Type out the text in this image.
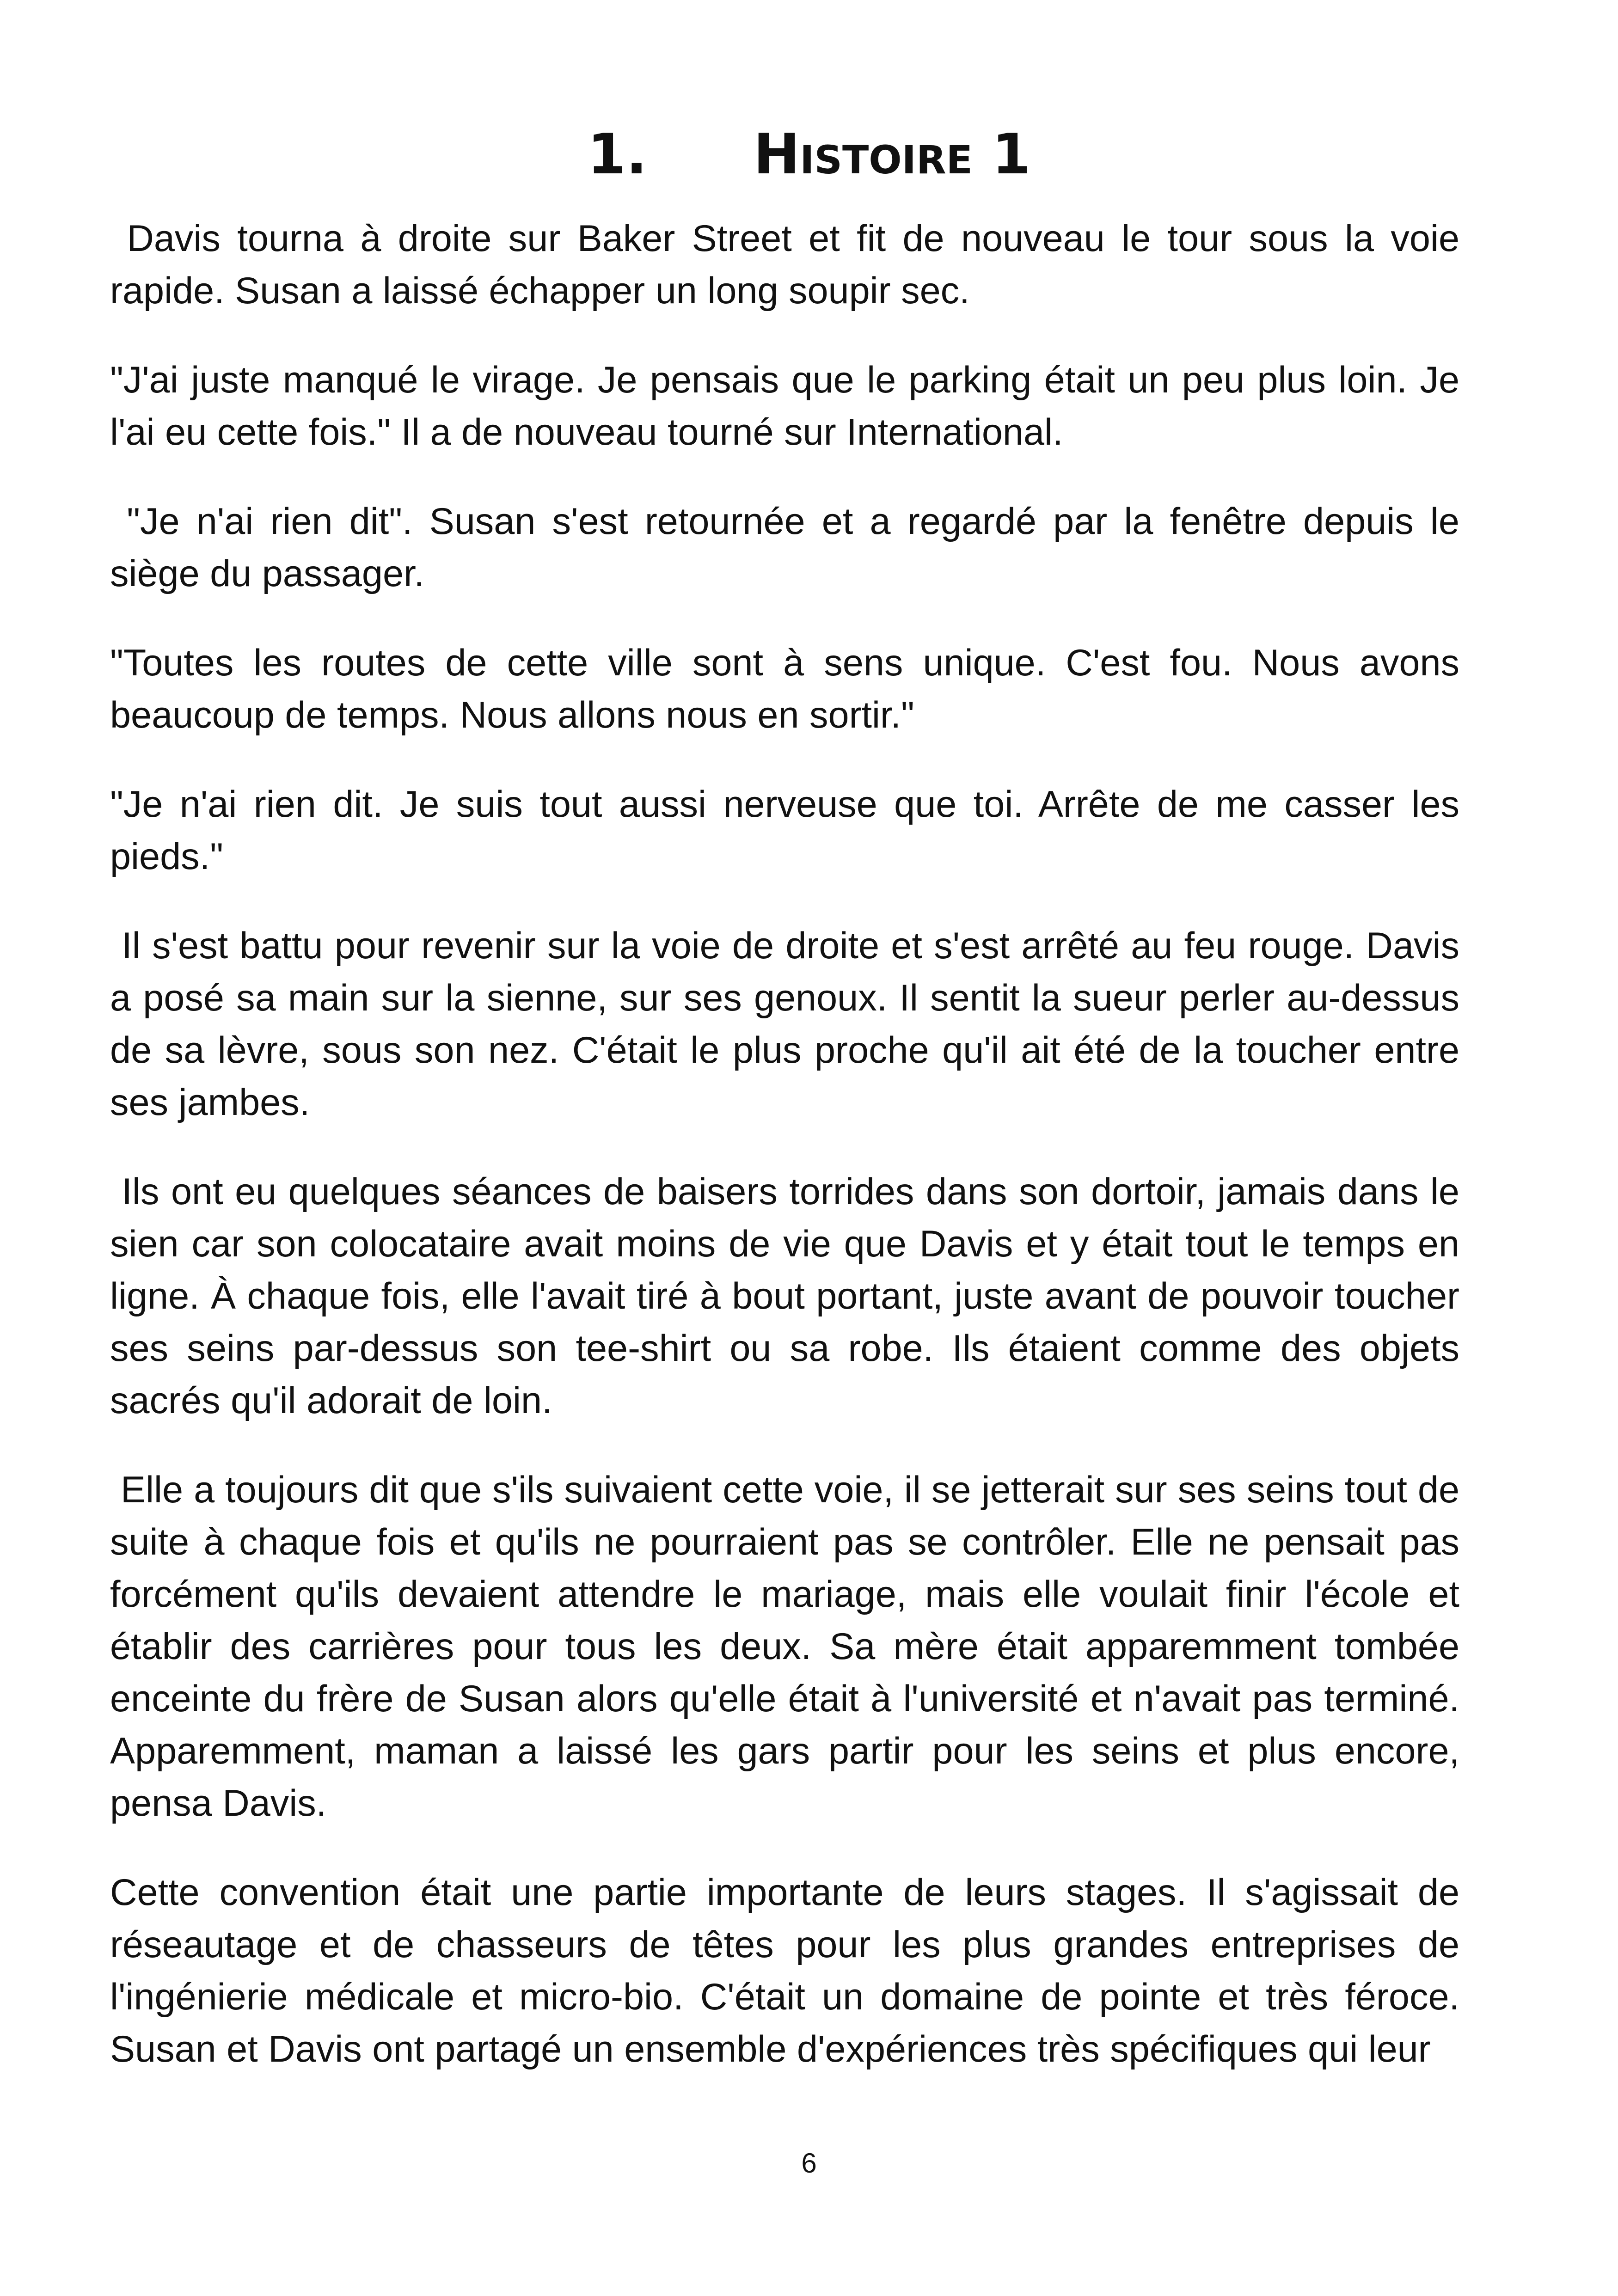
1. Histoire 1

Davis tourna à droite sur Baker Street et fit de nouveau le tour sous la voie rapide. Susan a laissé échapper un long soupir sec.

"J'ai juste manqué le virage. Je pensais que le parking était un peu plus loin. Je l'ai eu cette fois." Il a de nouveau tourné sur International.

"Je n'ai rien dit". Susan s'est retournée et a regardé par la fenêtre depuis le siège du passager.

"Toutes les routes de cette ville sont à sens unique. C'est fou. Nous avons beaucoup de temps. Nous allons nous en sortir."

"Je n'ai rien dit. Je suis tout aussi nerveuse que toi. Arrête de me casser les pieds."

Il s'est battu pour revenir sur la voie de droite et s'est arrêté au feu rouge. Davis a posé sa main sur la sienne, sur ses genoux. Il sentit la sueur perler au-dessus de sa lèvre, sous son nez. C'était le plus proche qu'il ait été de la toucher entre ses jambes.

Ils ont eu quelques séances de baisers torrides dans son dortoir, jamais dans le sien car son colocataire avait moins de vie que Davis et y était tout le temps en ligne. À chaque fois, elle l'avait tiré à bout portant, juste avant de pouvoir toucher ses seins par-dessus son tee-shirt ou sa robe. Ils étaient comme des objets sacrés qu'il adorait de loin.

Elle a toujours dit que s'ils suivaient cette voie, il se jetterait sur ses seins tout de suite à chaque fois et qu'ils ne pourraient pas se contrôler. Elle ne pensait pas forcément qu'ils devaient attendre le mariage, mais elle voulait finir l'école et établir des carrières pour tous les deux. Sa mère était apparemment tombée enceinte du frère de Susan alors qu'elle était à l'université et n'avait pas terminé. Apparemment, maman a laissé les gars partir pour les seins et plus encore, pensa Davis.

Cette convention était une partie importante de leurs stages. Il s'agissait de réseautage et de chasseurs de têtes pour les plus grandes entreprises de l'ingénierie médicale et micro-bio. C'était un domaine de pointe et très féroce. Susan et Davis ont partagé un ensemble d'expériences très spécifiques qui leur

6
